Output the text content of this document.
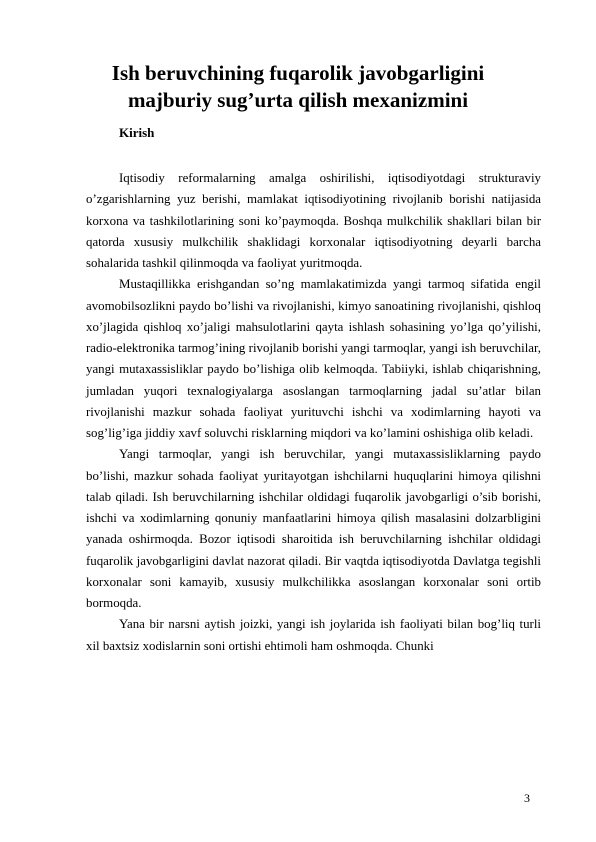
Ish beruvchining fuqarolik javobgarligini
majburiy sug’urta qilish mexanizmini
Kirish

Iqtisodiy reformalarning amalga oshirilishi, iqtisodiyotdagi strukturaviy o’zgarishlarning yuz berishi, mamlakat iqtisodiyotining rivojlanib borishi natijasida korxona va tashkilotlarining soni ko’paymoqda. Boshqa mulkchilik shakllari bilan bir qatorda xususiy mulkchilik shaklidagi korxonalar iqtisodiyotning deyarli barcha sohalarida tashkil qilinmoqda va faoliyat yuritmoqda.

Mustaqillikka erishgandan so’ng mamlakatimizda yangi tarmoq sifatida engil avomobilsozlikni paydo bo’lishi va rivojlanishi, kimyo sanoatining rivojlanishi, qishloq xo’jlagida qishloq xo’jaligi mahsulotlarini qayta ishlash sohasining yo’lga qo’yilishi, radio-elektronika tarmog’ining rivojlanib borishi yangi tarmoqlar, yangi ish beruvchilar, yangi mutaxassisliklar paydo bo’lishiga olib kelmoqda. Tabiiyki, ishlab chiqarishning, jumladan yuqori texnalogiyalarga asoslangan tarmoqlarning jadal su’atlar bilan rivojlanishi mazkur sohada faoliyat yurituvchi ishchi va xodimlarning hayoti va sog’lig’iga jiddiy xavf soluvchi risklarning miqdori va ko’lamini oshishiga olib keladi.

Yangi tarmoqlar, yangi ish beruvchilar, yangi mutaxassisliklarning paydo bo’lishi, mazkur sohada faoliyat yuritayotgan ishchilarni huquqlarini himoya qilishni talab qiladi. Ish beruvchilarning ishchilar oldidagi fuqarolik javobgarligi o’sib borishi, ishchi va xodimlarning qonuniy manfaatlarini himoya qilish masalasini dolzarbligini yanada oshirmoqda. Bozor iqtisodi sharoitida ish beruvchilarning ishchilar oldidagi fuqarolik javobgarligini davlat nazorat qiladi. Bir vaqtda iqtisodiyotda Davlatga tegishli korxonalar soni kamayib, xususiy mulkchilikka asoslangan korxonalar soni ortib bormoqda.

Yana bir narsni aytish joizki, yangi ish joylarida ish faoliyati bilan bog’liq turli xil baxtsiz xodislarnin soni ortishi ehtimoli ham oshmoqda. Chunki

3
